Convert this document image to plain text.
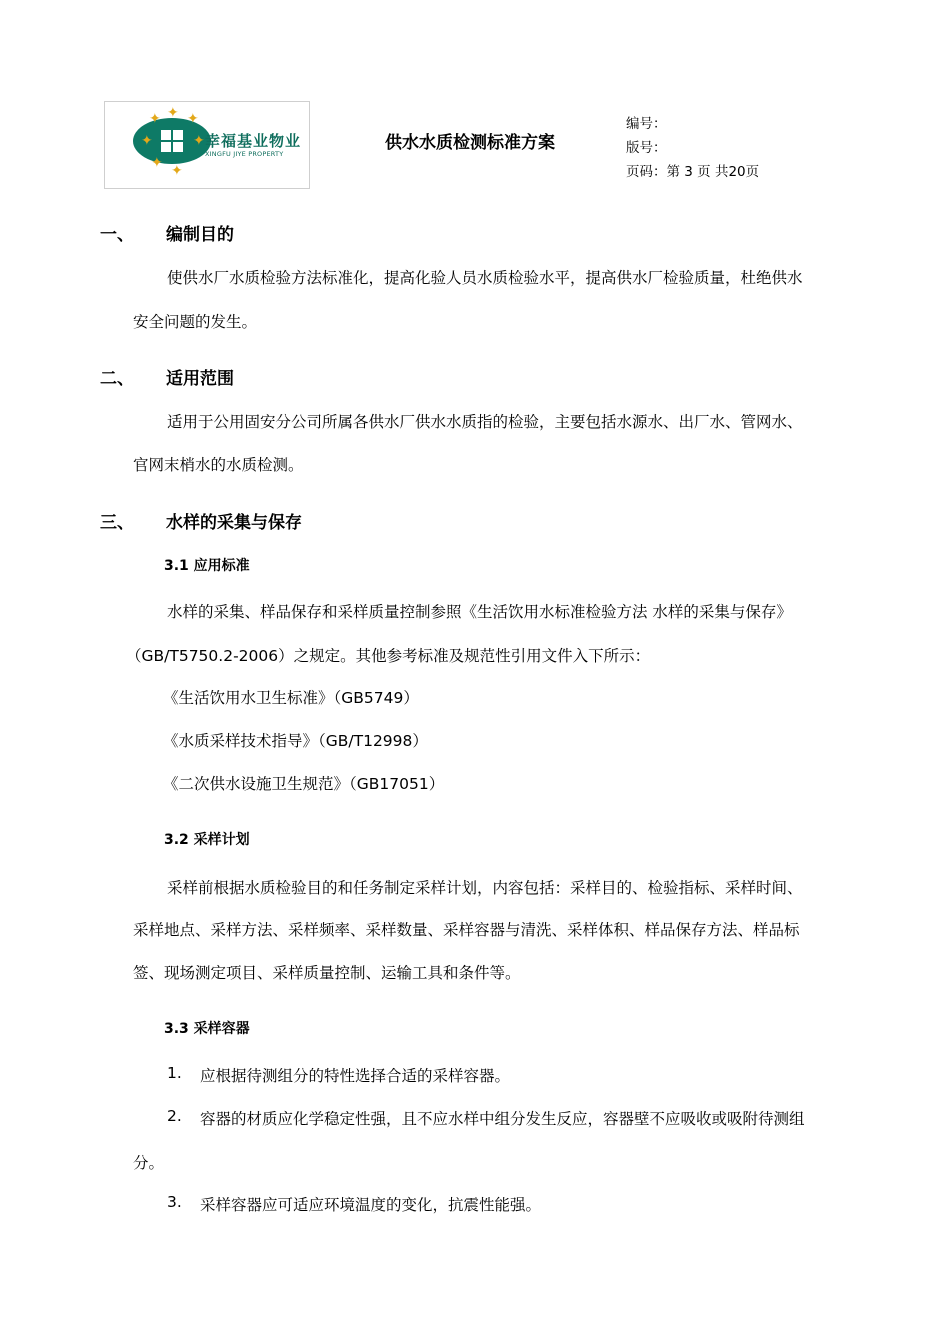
✦ ✦ ✦
✦	✦
✦ ✦
幸福基业物业
XINGFU JIYE PROPERTY
供水水质检测标准方案
编号：
版号：
页码：第 3 页 共20页
一、 编制目的
使供水厂水质检验方法标准化，提高化验人员水质检验水平，提高供水厂检验质量，杜绝供水
安全问题的发生。
二、 适用范围
适用于公用固安分公司所属各供水厂供水水质指的检验，主要包括水源水、出厂水、管网水、
官网末梢水的水质检测。
三、 水样的采集与保存
3.1 应用标准
水样的采集、样品保存和采样质量控制参照《生活饮用水标准检验方法 水样的采集与保存》
（GB/T5750.2-2006）之规定。其他参考标准及规范性引用文件入下所示：
《生活饮用水卫生标准》（GB5749）
《水质采样技术指导》（GB/T12998）
《二次供水设施卫生规范》（GB17051）
3.2 采样计划
采样前根据水质检验目的和任务制定采样计划，内容包括：采样目的、检验指标、采样时间、
采样地点、采样方法、采样频率、采样数量、采样容器与清洗、采样体积、样品保存方法、样品标
签、现场测定项目、采样质量控制、运输工具和条件等。
3.3 采样容器
1. 应根据待测组分的特性选择合适的采样容器。
2. 容器的材质应化学稳定性强，且不应水样中组分发生反应，容器壁不应吸收或吸附待测组
分。
3. 采样容器应可适应环境温度的变化，抗震性能强。
